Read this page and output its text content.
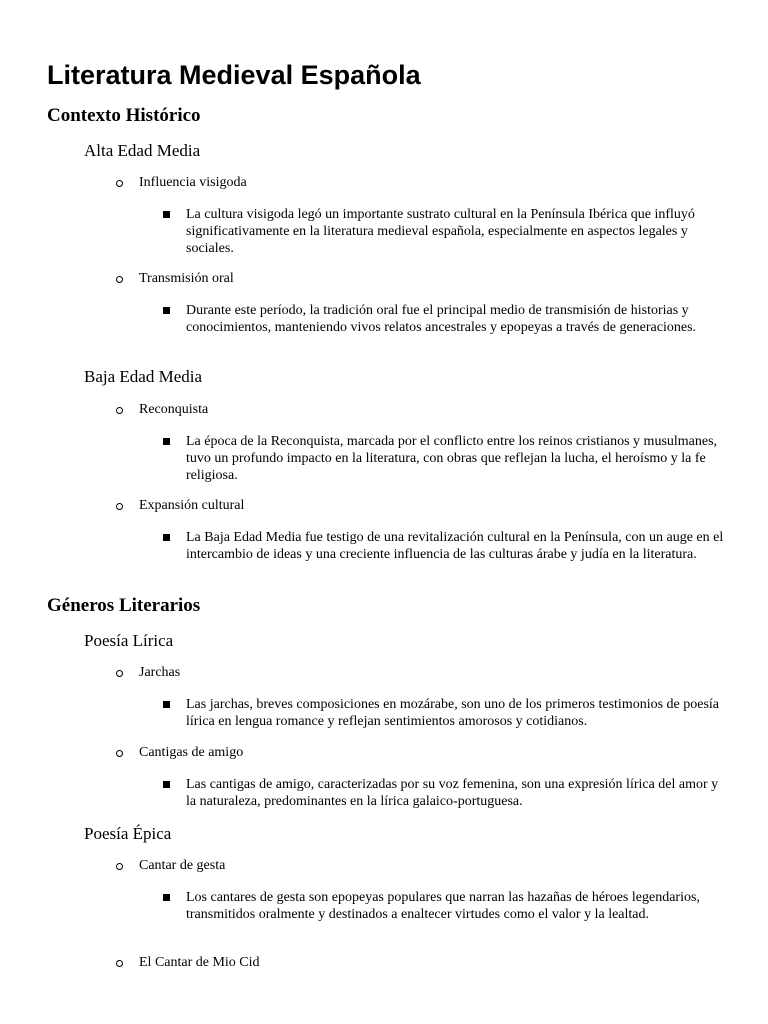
Literatura Medieval Española
Contexto Histórico
Alta Edad Media
Influencia visigoda
La cultura visigoda legó un importante sustrato cultural en la Península Ibérica que influyó significativamente en la literatura medieval española, especialmente en aspectos legales y sociales.
Transmisión oral
Durante este período, la tradición oral fue el principal medio de transmisión de historias y conocimientos, manteniendo vivos relatos ancestrales y epopeyas a través de generaciones.
Baja Edad Media
Reconquista
La época de la Reconquista, marcada por el conflicto entre los reinos cristianos y musulmanes, tuvo un profundo impacto en la literatura, con obras que reflejan la lucha, el heroísmo y la fe religiosa.
Expansión cultural
La Baja Edad Media fue testigo de una revitalización cultural en la Península, con un auge en el intercambio de ideas y una creciente influencia de las culturas árabe y judía en la literatura.
Géneros Literarios
Poesía Lírica
Jarchas
Las jarchas, breves composiciones en mozárabe, son uno de los primeros testimonios de poesía lírica en lengua romance y reflejan sentimientos amorosos y cotidianos.
Cantigas de amigo
Las cantigas de amigo, caracterizadas por su voz femenina, son una expresión lírica del amor y la naturaleza, predominantes en la lírica galaico-portuguesa.
Poesía Épica
Cantar de gesta
Los cantares de gesta son epopeyas populares que narran las hazañas de héroes legendarios, transmitidos oralmente y destinados a enaltecer virtudes como el valor y la lealtad.
El Cantar de Mio Cid
